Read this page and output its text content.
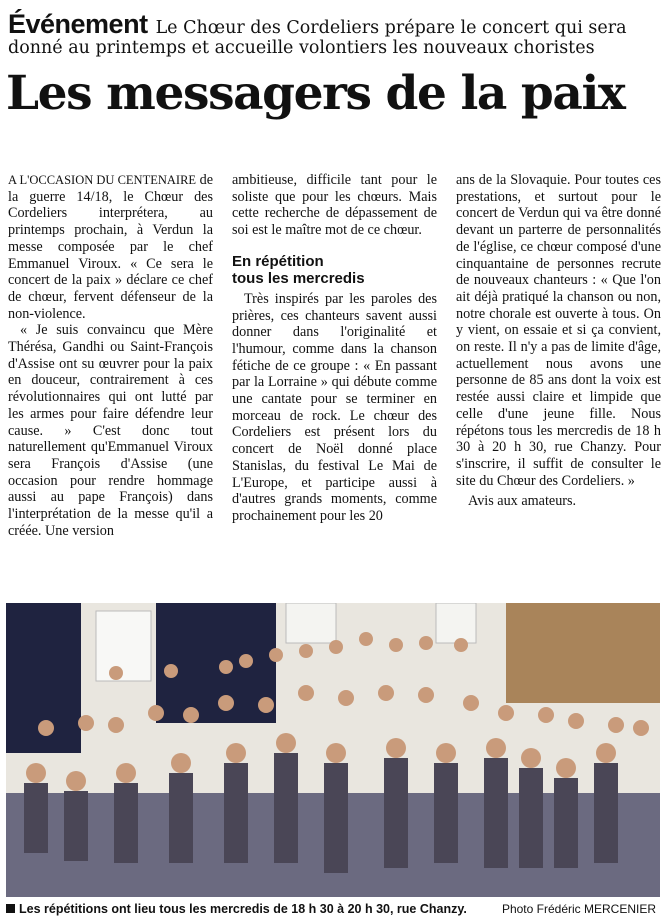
Événement Le Chœur des Cordeliers prépare le concert qui sera donné au printemps et accueille volontiers les nouveaux choristes
Les messagers de la paix

A L'OCCASION DU CENTENAIRE de la guerre 14/18, le Chœur des Cordeliers interprétera, au printemps prochain, à Verdun la messe composée par le chef Emmanuel Viroux. « Ce sera le concert de la paix » déclare ce chef de chœur, fervent défenseur de la non-violence.

« Je suis convaincu que Mère Thérésa, Gandhi ou Saint-François d'Assise ont su œuvrer pour la paix en douceur, contrairement à ces révolutionnaires qui ont lutté par les armes pour faire défendre leur cause. » C'est donc tout naturellement qu'Emmanuel Viroux sera François d'Assise (une occasion pour rendre hommage aussi au pape François) dans l'interprétation de la messe qu'il a créée. Une version

ambitieuse, difficile tant pour le soliste que pour les chœurs. Mais cette recherche de dépassement de soi est le maître mot de ce chœur.

En répétition
tous les mercredis

Très inspirés par les paroles des prières, ces chanteurs savent aussi donner dans l'originalité et l'humour, comme dans la chanson fétiche de ce groupe : « En passant par la Lorraine » qui débute comme une cantate pour se terminer en morceau de rock. Le chœur des Cordeliers est présent lors du concert de Noël donné place Stanislas, du festival Le Mai de L'Europe, et participe aussi à d'autres grands moments, comme prochainement pour les 20

ans de la Slovaquie. Pour toutes ces prestations, et surtout pour le concert de Verdun qui va être donné devant un parterre de personnalités de l'église, ce chœur composé d'une cinquantaine de personnes recrute de nouveaux chanteurs : « Que l'on ait déjà pratiqué la chanson ou non, notre chorale est ouverte à tous. On y vient, on essaie et si ça convient, on reste. Il n'y a pas de limite d'âge, actuellement nous avons une personne de 85 ans dont la voix est restée aussi claire et limpide que celle d'une jeune fille. Nous répétons tous les mercredis de 18 h 30 à 20 h 30, rue Chanzy. Pour s'inscrire, il suffit de consulter le site du Chœur des Cordeliers. »

Avis aux amateurs.

Les répétitions ont lieu tous les mercredis de 18 h 30 à 20 h 30, rue Chanzy.	Photo Frédéric MERCENIER
